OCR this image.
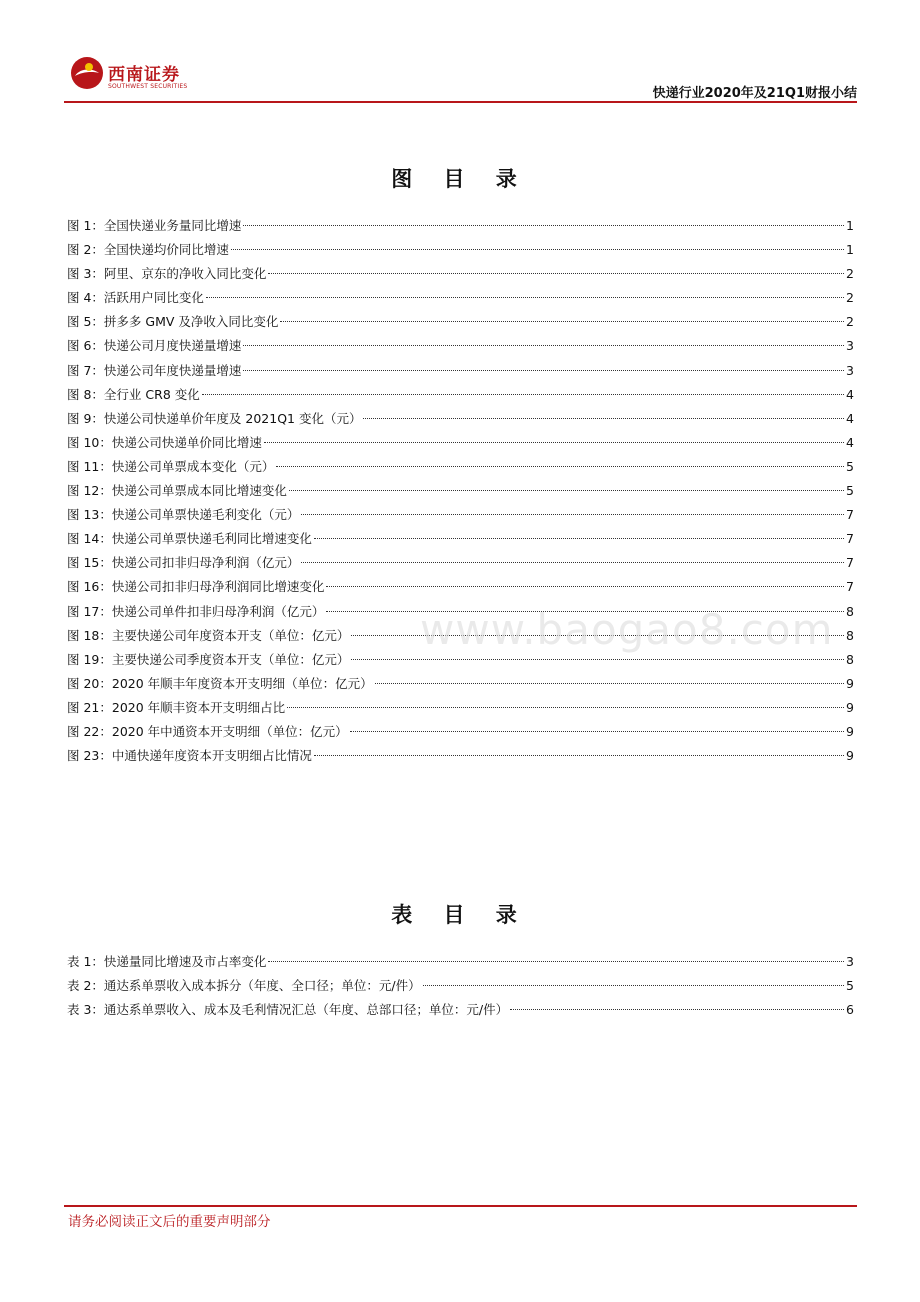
西南证券
SOUTHWEST SECURITIES	快递行业2020年及21Q1财报小结
图 目 录
图 1：全国快递业务量同比增速	1
图 2：全国快递均价同比增速	1
图 3：阿里、京东的净收入同比变化	2
图 4：活跃用户同比变化	2
图 5：拼多多 GMV 及净收入同比变化	2
图 6：快递公司月度快递量增速	3
图 7：快递公司年度快递量增速	3
图 8：全行业 CR8 变化	4
图 9：快递公司快递单价年度及 2021Q1 变化（元）	4
图 10：快递公司快递单价同比增速	4
图 11：快递公司单票成本变化（元）	5
图 12：快递公司单票成本同比增速变化	5
图 13：快递公司单票快递毛利变化（元）	7
图 14：快递公司单票快递毛利同比增速变化	7
图 15：快递公司扣非归母净利润（亿元）	7
图 16：快递公司扣非归母净利润同比增速变化	7
图 17：快递公司单件扣非归母净利润（亿元）	8
图 18：主要快递公司年度资本开支（单位：亿元）	8
图 19：主要快递公司季度资本开支（单位：亿元）	8
图 20：2020 年顺丰年度资本开支明细（单位：亿元）	9
图 21：2020 年顺丰资本开支明细占比	9
图 22：2020 年中通资本开支明细（单位：亿元）	9
图 23：中通快递年度资本开支明细占比情况	9
www.baogao8.com
表 目 录
表 1：快递量同比增速及市占率变化	3
表 2：通达系单票收入成本拆分（年度、全口径；单位：元/件）	5
表 3：通达系单票收入、成本及毛利情况汇总（年度、总部口径；单位：元/件）	6
请务必阅读正文后的重要声明部分
